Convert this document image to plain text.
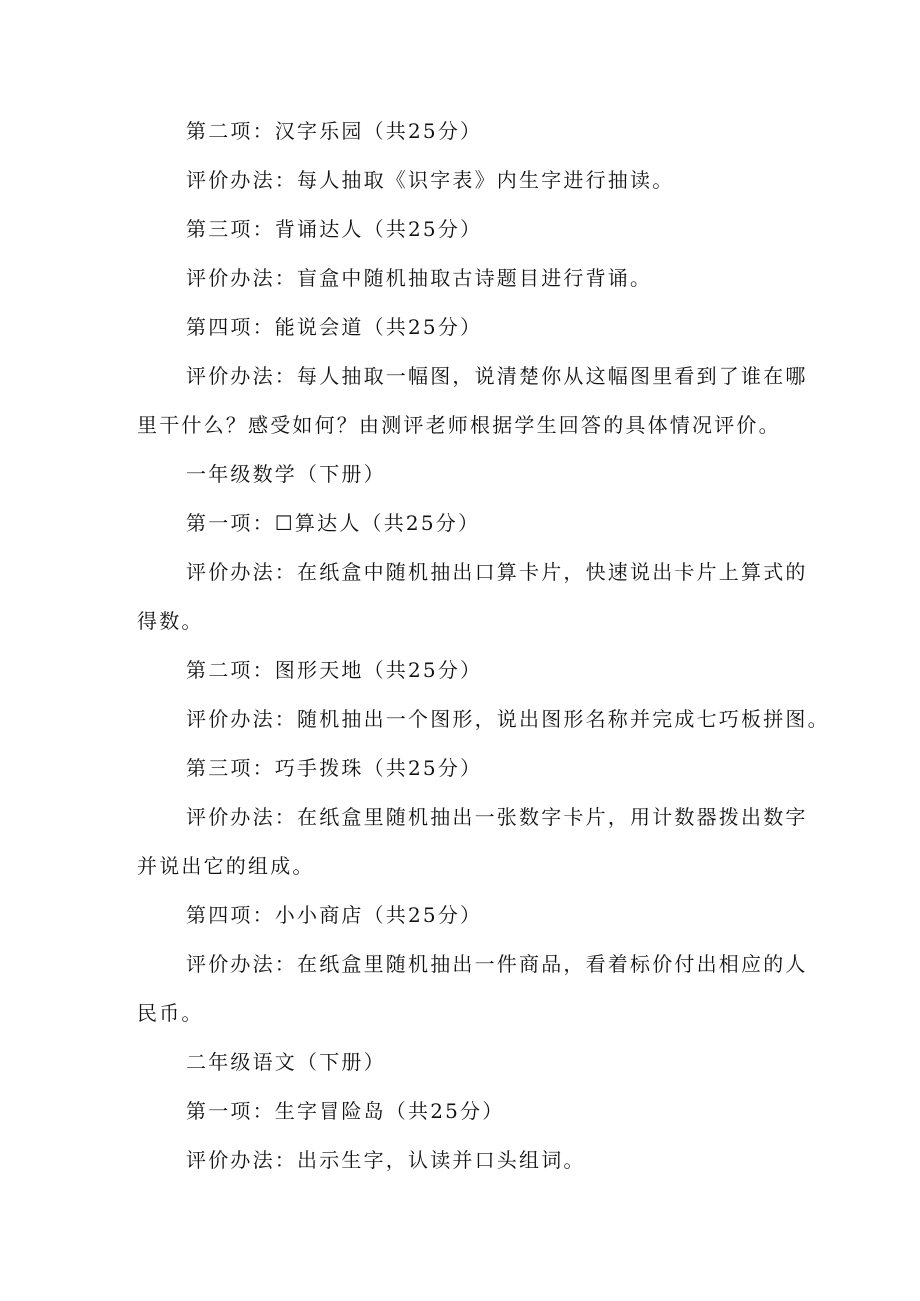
第二项：汉字乐园（共25分）
评价办法：每人抽取《识字表》内生字进行抽读。
第三项：背诵达人（共25分）
评价办法：盲盒中随机抽取古诗题目进行背诵。
第四项：能说会道（共25分）
评价办法：每人抽取一幅图，说清楚你从这幅图里看到了谁在哪
里干什么？感受如何？由测评老师根据学生回答的具体情况评价。
一年级数学（下册）
第一项：☐算达人（共25分）
评价办法：在纸盒中随机抽出口算卡片，快速说出卡片上算式的
得数。
第二项：图形天地（共25分）
评价办法：随机抽出一个图形，说出图形名称并完成七巧板拼图。
第三项：巧手拨珠（共25分）
评价办法：在纸盒里随机抽出一张数字卡片，用计数器拨出数字
并说出它的组成。
第四项：小小商店（共25分）
评价办法：在纸盒里随机抽出一件商品，看着标价付出相应的人
民币。
二年级语文（下册）
第一项：生字冒险岛（共25分）
评价办法：出示生字，认读并口头组词。
